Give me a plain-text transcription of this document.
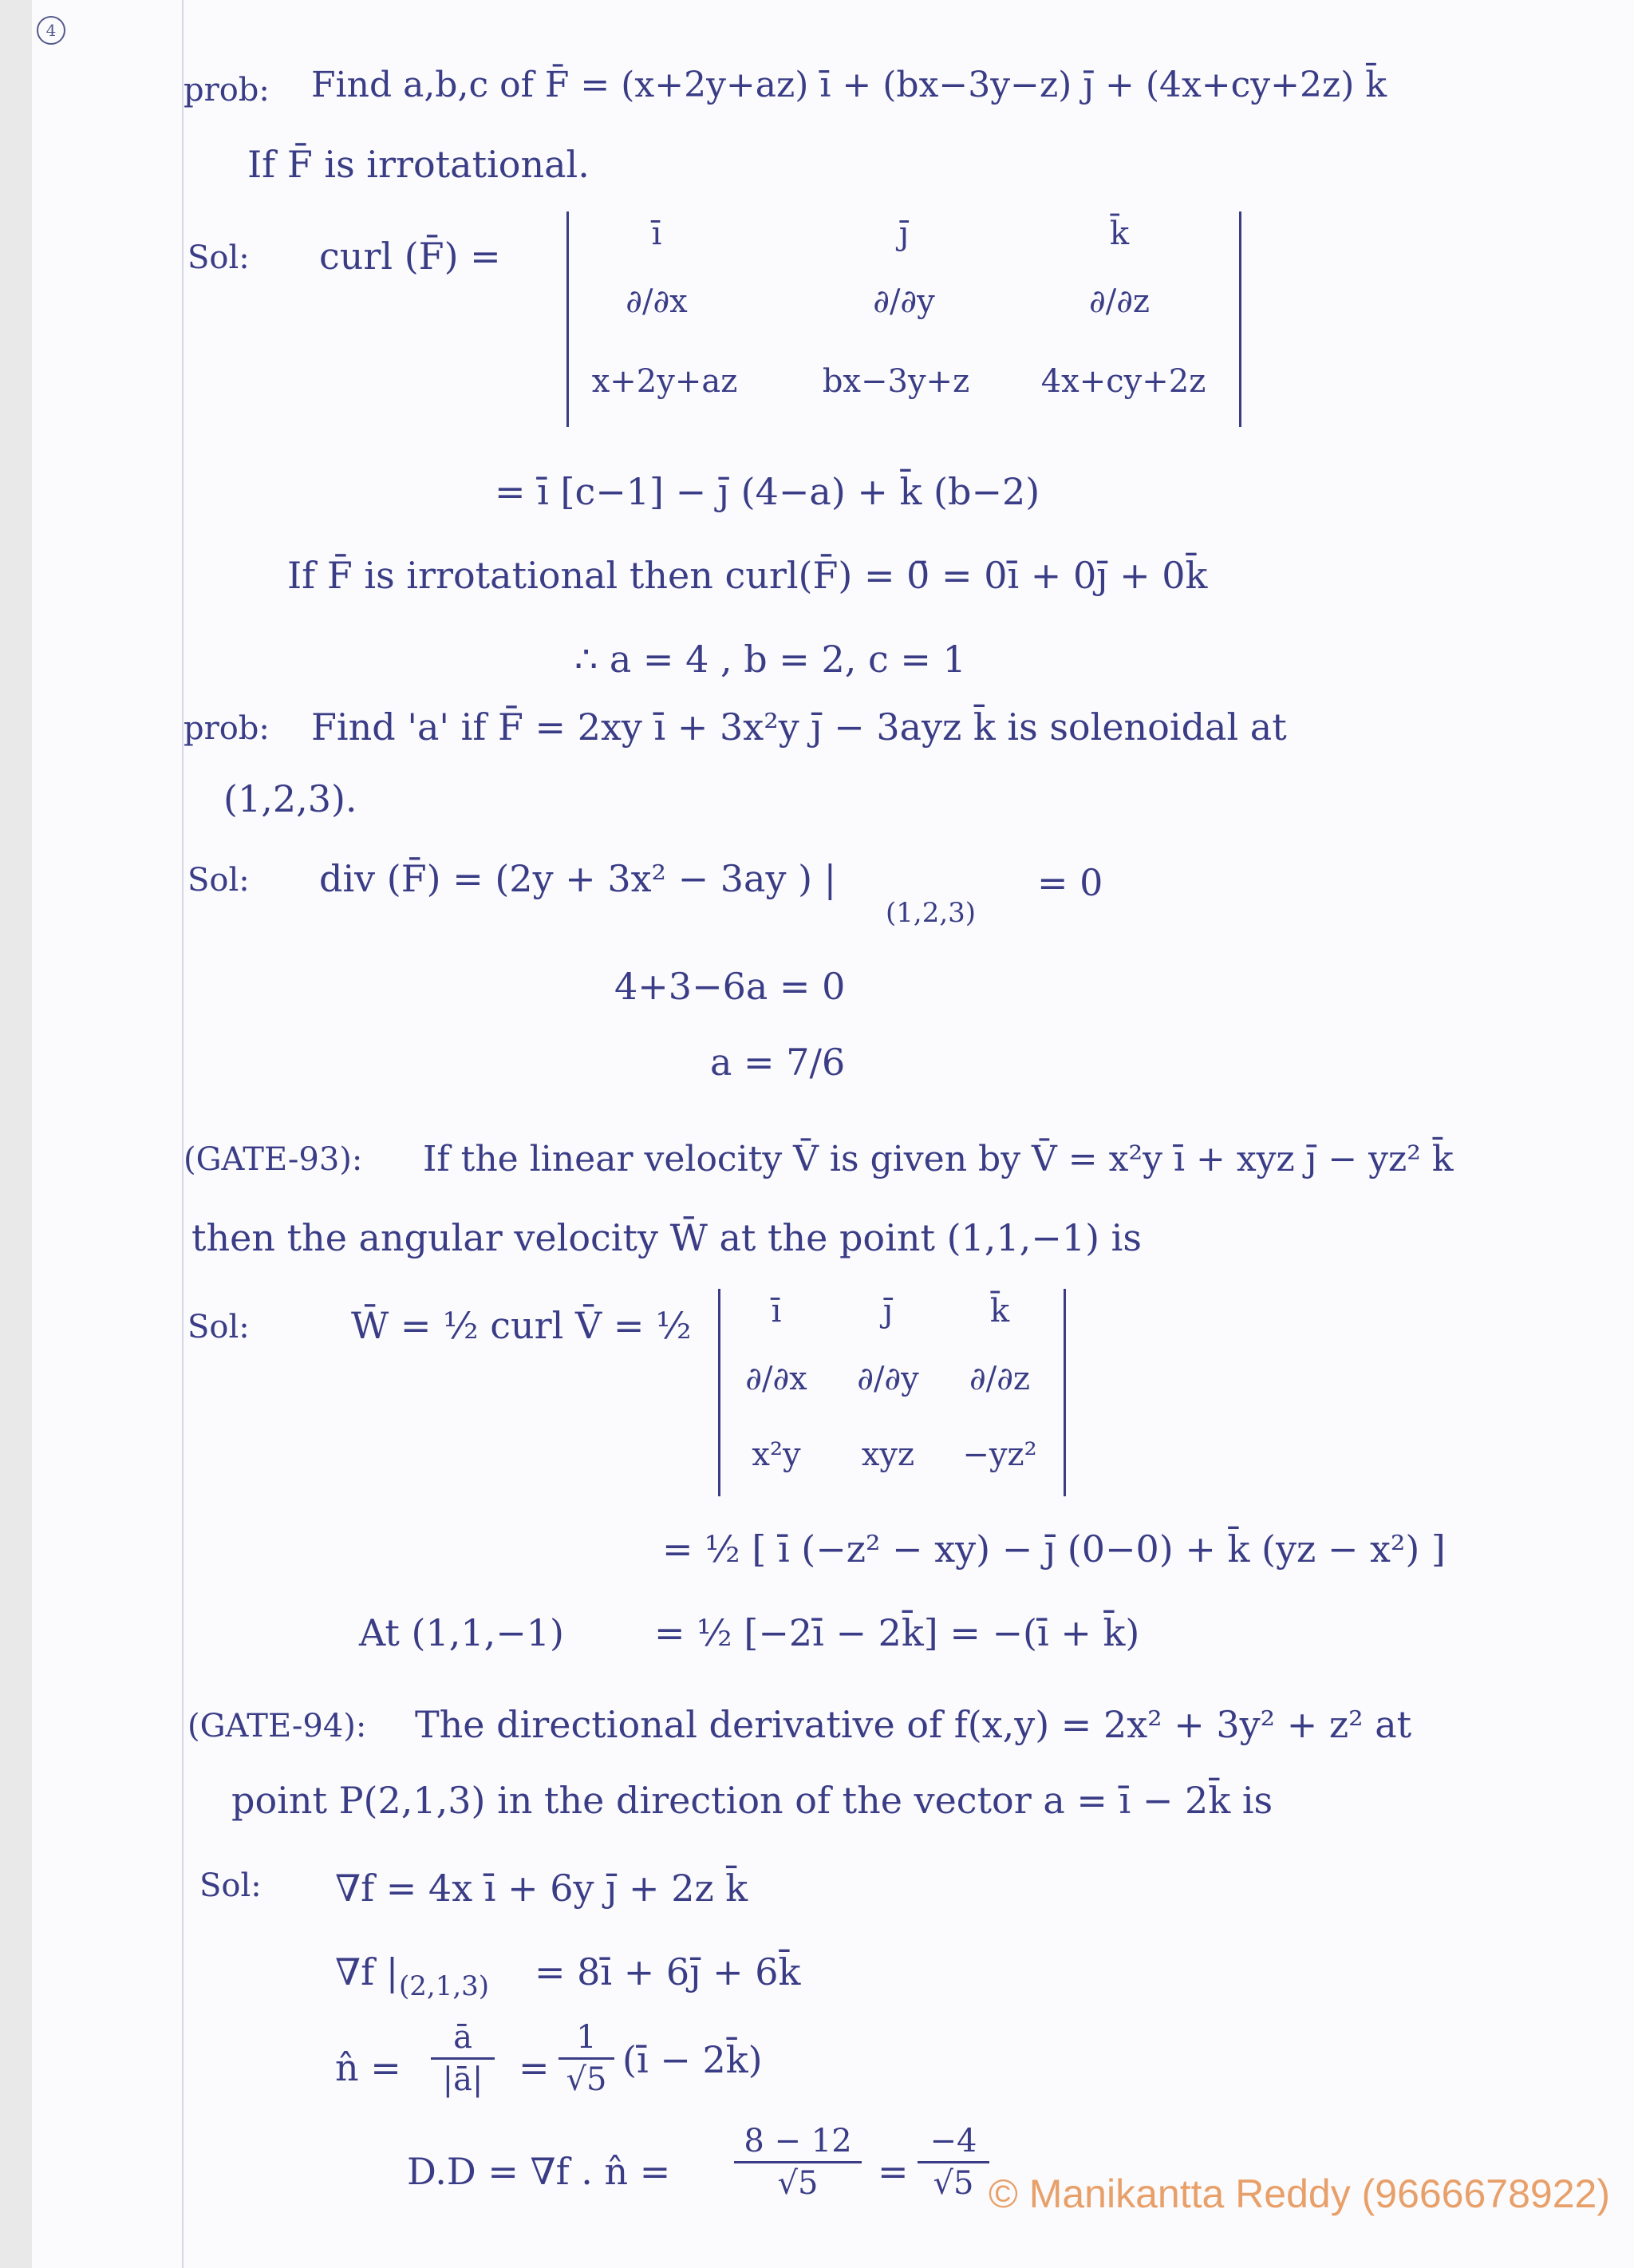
4
prob: Find a,b,c of F̄ = (x+2y+az) ī + (bx−3y−z) j̄ + (4x+cy+2z) k̄
If F̄ is irrotational.
Sol: curl (F̄) =
ī	j̄	k̄
∂/∂x	∂/∂y	∂/∂z
x+2y+az	bx−3y+z	4x+cy+2z
= ī [c−1] − j̄ (4−a) + k̄ (b−2)
If F̄ is irrotational then curl(F̄) = 0̄ = 0ī + 0j̄ + 0k̄
∴ a = 4 , b = 2, c = 1
prob: Find 'a' if F̄ = 2xy ī + 3x²y j̄ − 3ayz k̄ is solenoidal at
(1,2,3).
Sol: div (F̄) = (2y + 3x² − 3ay ) |
(1,2,3)
= 0
4+3−6a = 0
a = 7/6
(GATE-93): If the linear velocity V̄ is given by V̄ = x²y ī + xyz j̄ − yz² k̄
then the angular velocity W̄ at the point (1,1,−1) is
Sol:	W̄ = ½ curl V̄ = ½	ī	j̄	k̄
∂/∂x	∂/∂y	∂/∂z
x²y	xyz	−yz²
= ½ [ ī (−z² − xy) − j̄ (0−0) + k̄ (yz − x²) ]
At (1,1,−1) = ½ [−2ī − 2k̄] = −(ī + k̄)
(GATE-94): The directional derivative of f(x,y) = 2x² + 3y² + z² at
point P(2,1,3) in the direction of the vector a = ī − 2k̄ is
Sol: ∇f = 4x ī + 6y j̄ + 2z k̄
∇f | (2,1,3) = 8ī + 6j̄ + 6k̄
n̂ =
ā
|ā| =
1
√5 (ī − 2k̄)
D.D = ∇f . n̂ =
8 − 12
√5	=
−4
√5 © Manikantta Reddy (9666678922)
